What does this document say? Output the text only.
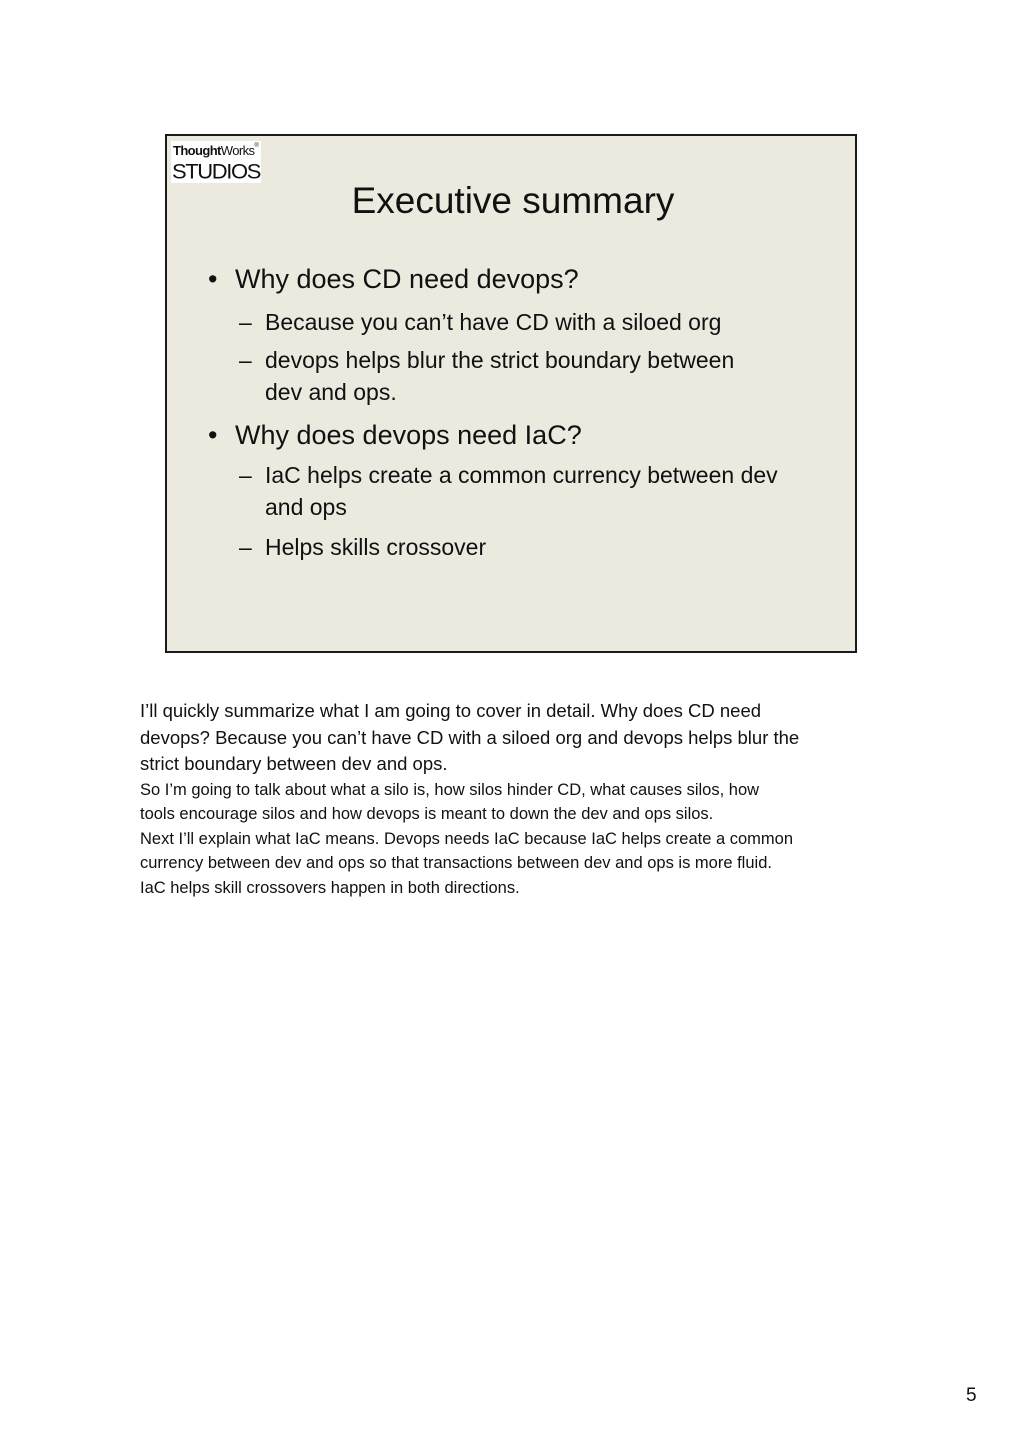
ThoughtWorks®
STUDIOS
Executive summary
• Why does CD need devops?
– Because you can’t have CD with a siloed org
– devops helps blur the strict boundary between
dev and ops.
• Why does devops need IaC?
– IaC helps create a common currency between dev
and ops
– Helps skills crossover

I’ll quickly summarize what I am going to cover in detail. Why does CD need

devops? Because you can’t have CD with a siloed org and devops helps blur the

strict boundary between dev and ops.

So I’m going to talk about what a silo is, how silos hinder CD, what causes silos, how

tools encourage silos and how devops is meant to down the dev and ops silos.

Next I’ll explain what IaC means. Devops needs IaC because IaC helps create a common

currency between dev and ops so that transactions between dev and ops is more fluid.

IaC helps skill crossovers happen in both directions.

5
